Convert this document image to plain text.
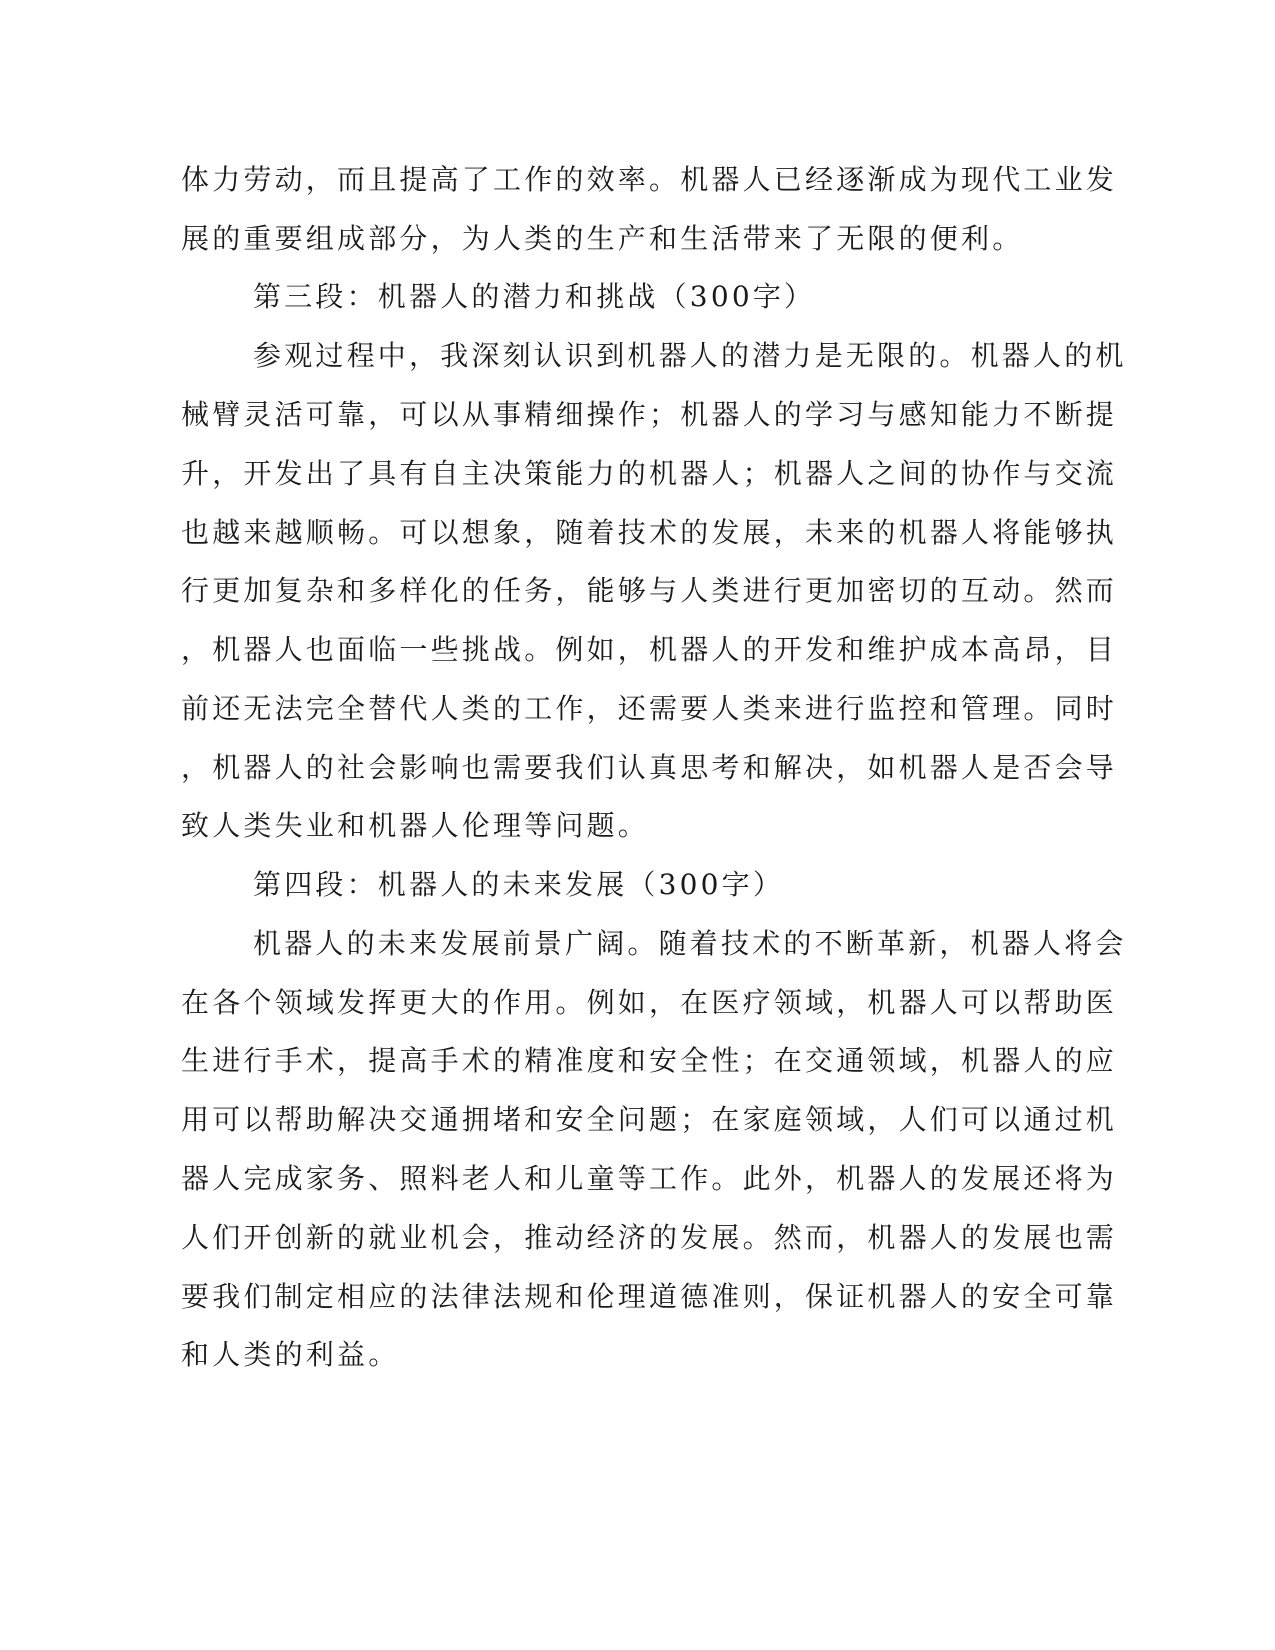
体力劳动，而且提高了工作的效率。机器人已经逐渐成为现代工业发
展的重要组成部分，为人类的生产和生活带来了无限的便利。
第三段：机器人的潜力和挑战（300字）
参观过程中，我深刻认识到机器人的潜力是无限的。机器人的机
械臂灵活可靠，可以从事精细操作；机器人的学习与感知能力不断提
升，开发出了具有自主决策能力的机器人；机器人之间的协作与交流
也越来越顺畅。可以想象，随着技术的发展，未来的机器人将能够执
行更加复杂和多样化的任务，能够与人类进行更加密切的互动。然而
，机器人也面临一些挑战。例如，机器人的开发和维护成本高昂，目
前还无法完全替代人类的工作，还需要人类来进行监控和管理。同时
，机器人的社会影响也需要我们认真思考和解决，如机器人是否会导
致人类失业和机器人伦理等问题。
第四段：机器人的未来发展（300字）
机器人的未来发展前景广阔。随着技术的不断革新，机器人将会
在各个领域发挥更大的作用。例如，在医疗领域，机器人可以帮助医
生进行手术，提高手术的精准度和安全性；在交通领域，机器人的应
用可以帮助解决交通拥堵和安全问题；在家庭领域，人们可以通过机
器人完成家务、照料老人和儿童等工作。此外，机器人的发展还将为
人们开创新的就业机会，推动经济的发展。然而，机器人的发展也需
要我们制定相应的法律法规和伦理道德准则，保证机器人的安全可靠
和人类的利益。
